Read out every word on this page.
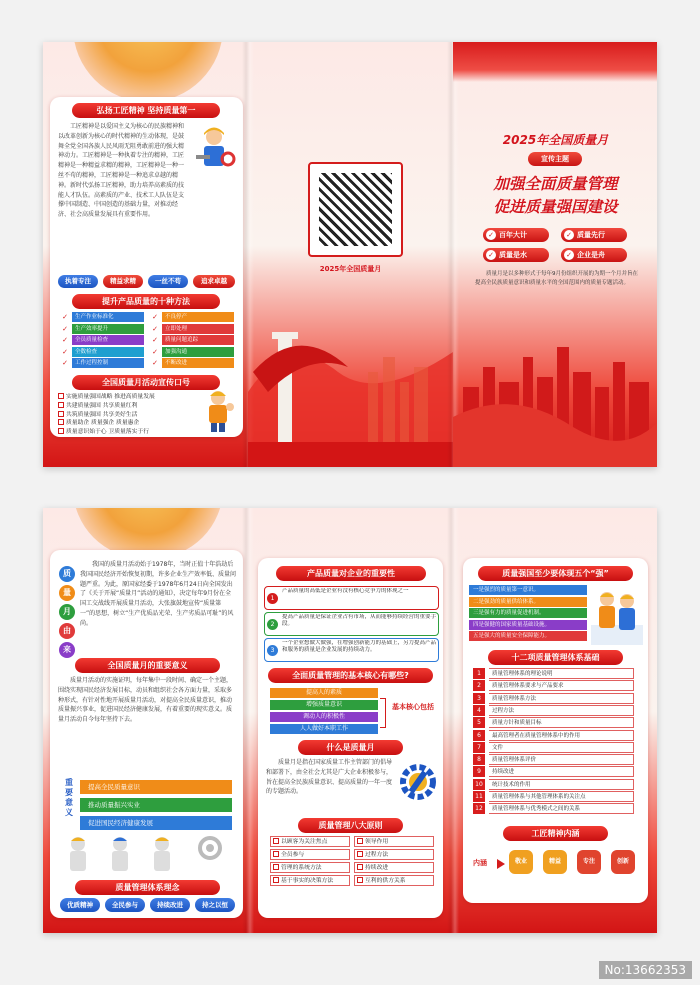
弘扬工匠精神 坚持质量第一
工匠精神是以爱国主义为核心的民族精神和以改革创新为核心的时代精神的生动体现，是鼓舞全党全国各族人民风雨无阻勇敢前进的强大精神动力。工匠精神是一种执着专注的精神，工匠精神是一种精益求精的精神，工匠精神是一种一丝不苟的精神，工匠精神是一种追求卓越的精神。新时代弘扬工匠精神，助力培养高素质的技能人才队伍。高素质的产业、技术工人队伍是支撑中国制造、中国创造的基础力量，对推动经济、社会高质量发展具有重要作用。
执着专注	精益求精	一丝不苟	追求卓越
提升产品质量的十种方法
✓	生产作业标准化	✓	不良停产
✓	生产效率提升	✓	立即处理
✓	全员质量检查	✓	质量问题追踪
✓	全数检查	✓	加强沟通
✓	工作过程控制	✓	不断改进
全国质量月活动宣传口号
实施质量强国战略 推进高质量发展
共建质量强国 共享质量红利
共筑质量强国 共享美好生活
质量助企 质量强企 质量惠企
质量意识始于心 卫质量落实于行
2025年全国质量月
2025年全国质量月
宣传主题
加强全面质量管理
促进质量强国建设
✓ 百年大计	✓ 质量先行
✓ 质量是水	✓ 企业是舟
质量月是以多种形式于每年9月份组织开展的为期一个月并旨在提高全民族质量意识和质量水平的全国范围内的质量专题活动。
质
量
月
由
来
我国的质量月活动始于1978年，当时正值十年浩劫后我国国民经济开始恢复初期，许多企业生产效率低、质量问题严重。为此，原国家经委于1978年6月24日向全国发出了《关于开展“质量月”活动的通知》，决定每年9月份在全国工交战线开展质量月活动，大张旗鼓地宣传“质量第一”的思想，树立“生产优质品光荣、生产劣质品可耻”的风尚。
全国质量月的重要意义
质量月活动的实施证明，每年集中一段时间、确定一个主题，围绕实现国民经济发展目标，动员和组织社会各方面力量，采取多种形式，有针对性地开展质量月活动，对提高全民质量意识，推动质量振兴事业，促进国民经济健康发展，有着重要的现实意义。质量月活动自今每年坚持下去。
重要意义
提高全民质量意识
推动质量振兴实业
促进国民经济健康发展
质量管理体系理念
优质精神	全民参与	持续改进	持之以恒
产品质量对企业的重要性
1
产品质量的高低是企业有没有核心竞争力的体现之一
2
提高产品质量是保证企业占有市场，从而能够持续经营的重要手段。
3
一个企业想做大做强，在增强创新能力的基础上，另力提高产品和服务的质量是企业发展的持续动力。
全面质量管理的基本核心有哪些?
提高人的素质
增强质量意识
调动人的积极性
人人做好本职工作
基本核心包括
什么是质量月
质量月是指在国家质量工作主管部门的倡导和部署下，由全社会尤其是广大企业积极参与，旨在提高全民族质量意识、提高质量的一年一度的专题活动。
质量管理八大原则
以顾客为关注焦点	领导作用
全员参与	过程方法
管理的系统方法	持续改进
基于事实的决策方法	互利的供方关系
质量强国至少要体现五个“强”
一是强烈的质量第一意识。
二是强劲的质量供给体系。
三是强有力的质量促进机制。
四是强健的国家质量基础设施。
五是强大的质量安全保障能力。
十二项质量管理体系基础
1 质量管理体系的理论说明
2 质量管理体系要求与产品要求
3 质量管理体系方法
4 过程方法
5 质量方针和质量目标
6 最高管理者在质量管理体系中的作用
7 文件
8 质量管理体系评价
9 持续改进
10 统计技术的作用
11 质量管理体系与其他管理体系的关注点
12 质量管理体系与优秀模式之间的关系
工匠精神内涵
内涵	敬业	精益	专注	创新
No:13662353
